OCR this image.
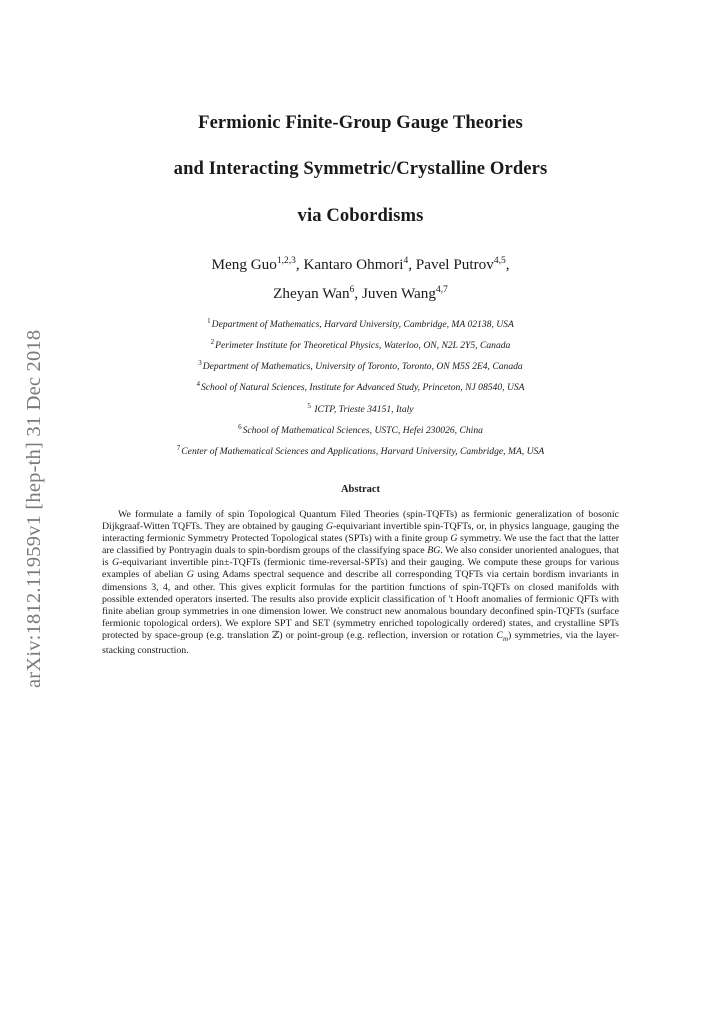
arXiv:1812.11959v1 [hep-th] 31 Dec 2018
Fermionic Finite-Group Gauge Theories
and Interacting Symmetric/Crystalline Orders
via Cobordisms
Meng Guo$^{1,2,3}$, Kantaro Ohmori$^4$, Pavel Putrov$^{4,5}$,
Zheyan Wan$^6$, Juven Wang$^{4,7}$
$^1$Department of Mathematics, Harvard University, Cambridge, MA 02138, USA
$^2$Perimeter Institute for Theoretical Physics, Waterloo, ON, N2L 2Y5, Canada
$^3$Department of Mathematics, University of Toronto, Toronto, ON M5S 2E4, Canada
$^4$School of Natural Sciences, Institute for Advanced Study, Princeton, NJ 08540, USA
$^5$ ICTP, Trieste 34151, Italy
$^6$School of Mathematical Sciences, USTC, Hefei 230026, China
$^7$Center of Mathematical Sciences and Applications, Harvard University, Cambridge, MA, USA
Abstract

We formulate a family of spin Topological Quantum Filed Theories (spin-TQFTs) as fermionic generalization of bosonic Dijkgraaf-Witten TQFTs. They are obtained by gauging G-equivariant invertible spin-TQFTs, or, in physics language, gauging the interacting fermionic Symmetry Protected Topological states (SPTs) with a finite group G symmetry. We use the fact that the latter are classified by Pontryagin duals to spin-bordism groups of the classifying space BG. We also consider unoriented analogues, that is G-equivariant invertible pin±-TQFTs (fermionic time-reversal-SPTs) and their gauging. We compute these groups for various examples of abelian G using Adams spectral sequence and describe all corresponding TQFTs via certain bordism invariants in dimensions 3, 4, and other. This gives explicit formulas for the partition functions of spin-TQFTs on closed manifolds with possible extended operators inserted. The results also provide explicit classification of 't Hooft anomalies of fermionic QFTs with finite abelian group symmetries in one dimension lower. We construct new anomalous boundary deconfined spin-TQFTs (surface fermionic topological orders). We explore SPT and SET (symmetry enriched topologically ordered) states, and crystalline SPTs protected by space-group (e.g. translation ℤ) or point-group (e.g. reflection, inversion or rotation $C_m$) symmetries, via the layer-stacking construction.
